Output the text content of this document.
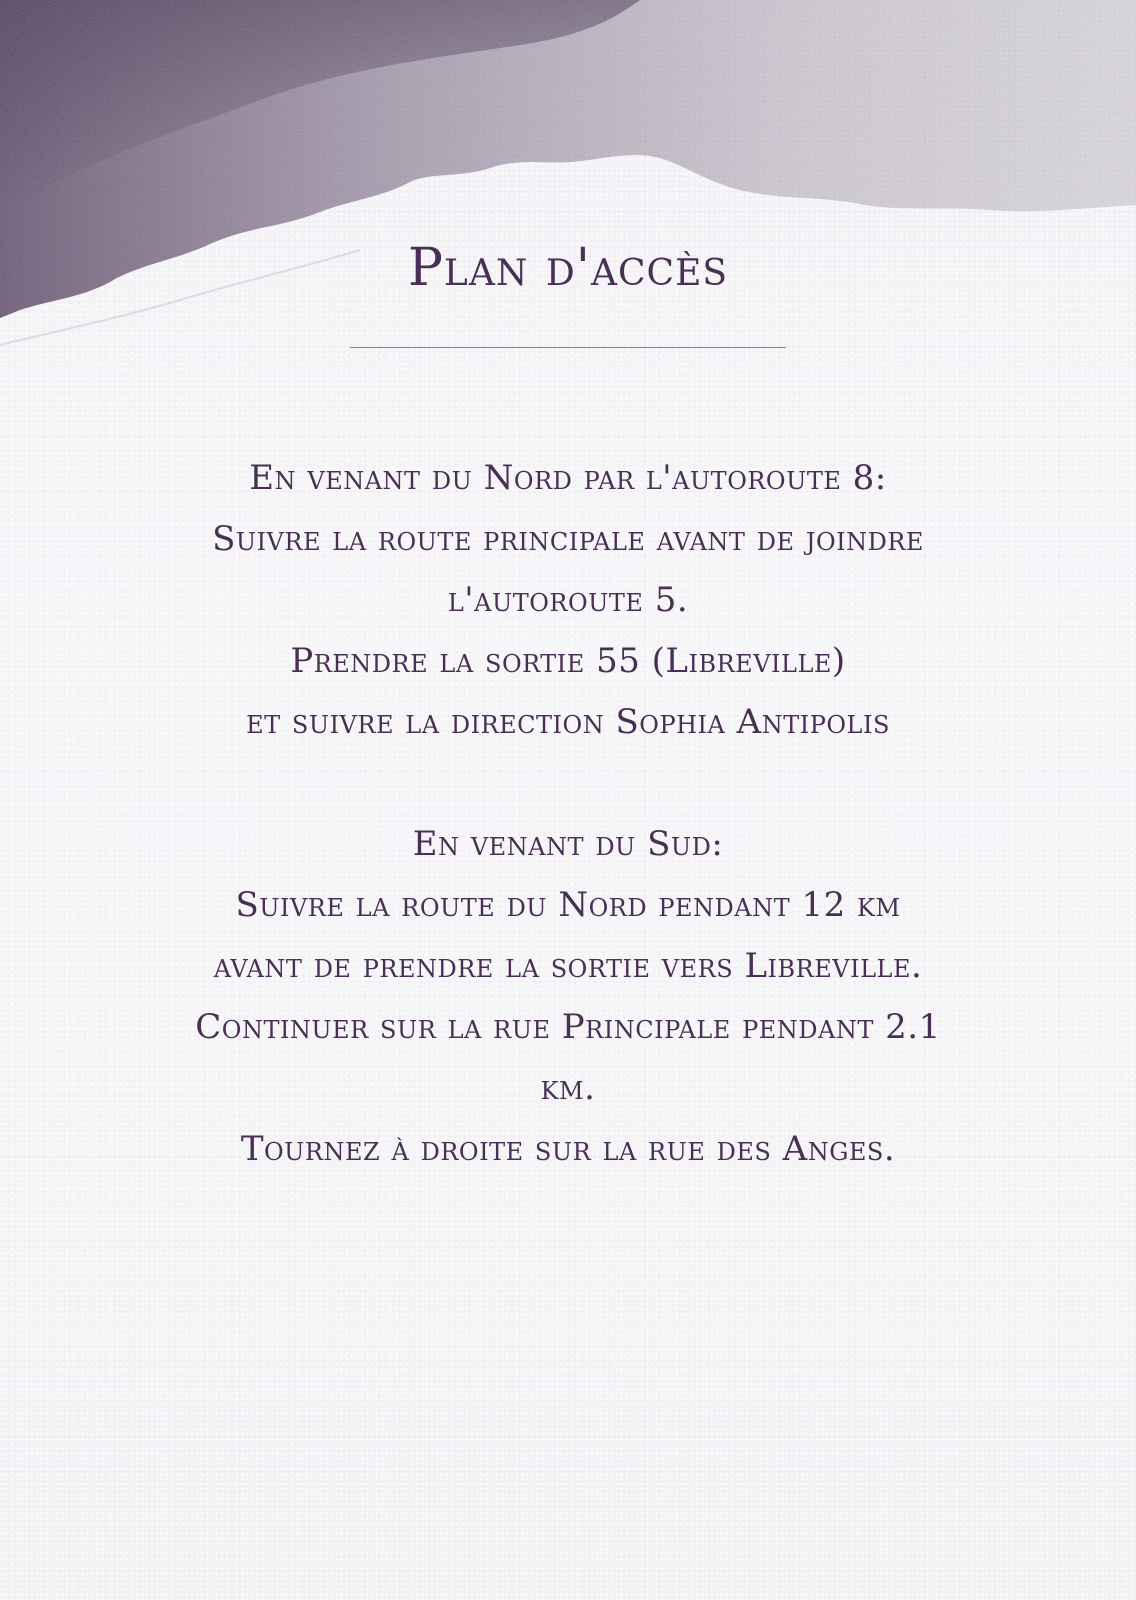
Plan d'accès

En venant du Nord par l'autoroute 8:
Suivre la route principale avant de joindre
l'autoroute 5.
Prendre la sortie 55 (Libreville)
et suivre la direction Sophia Antipolis

En venant du Sud:
Suivre la route du Nord pendant 12 km
avant de prendre la sortie vers Libreville.
Continuer sur la rue Principale pendant 2.1
km.
Tournez à droite sur la rue des Anges.
